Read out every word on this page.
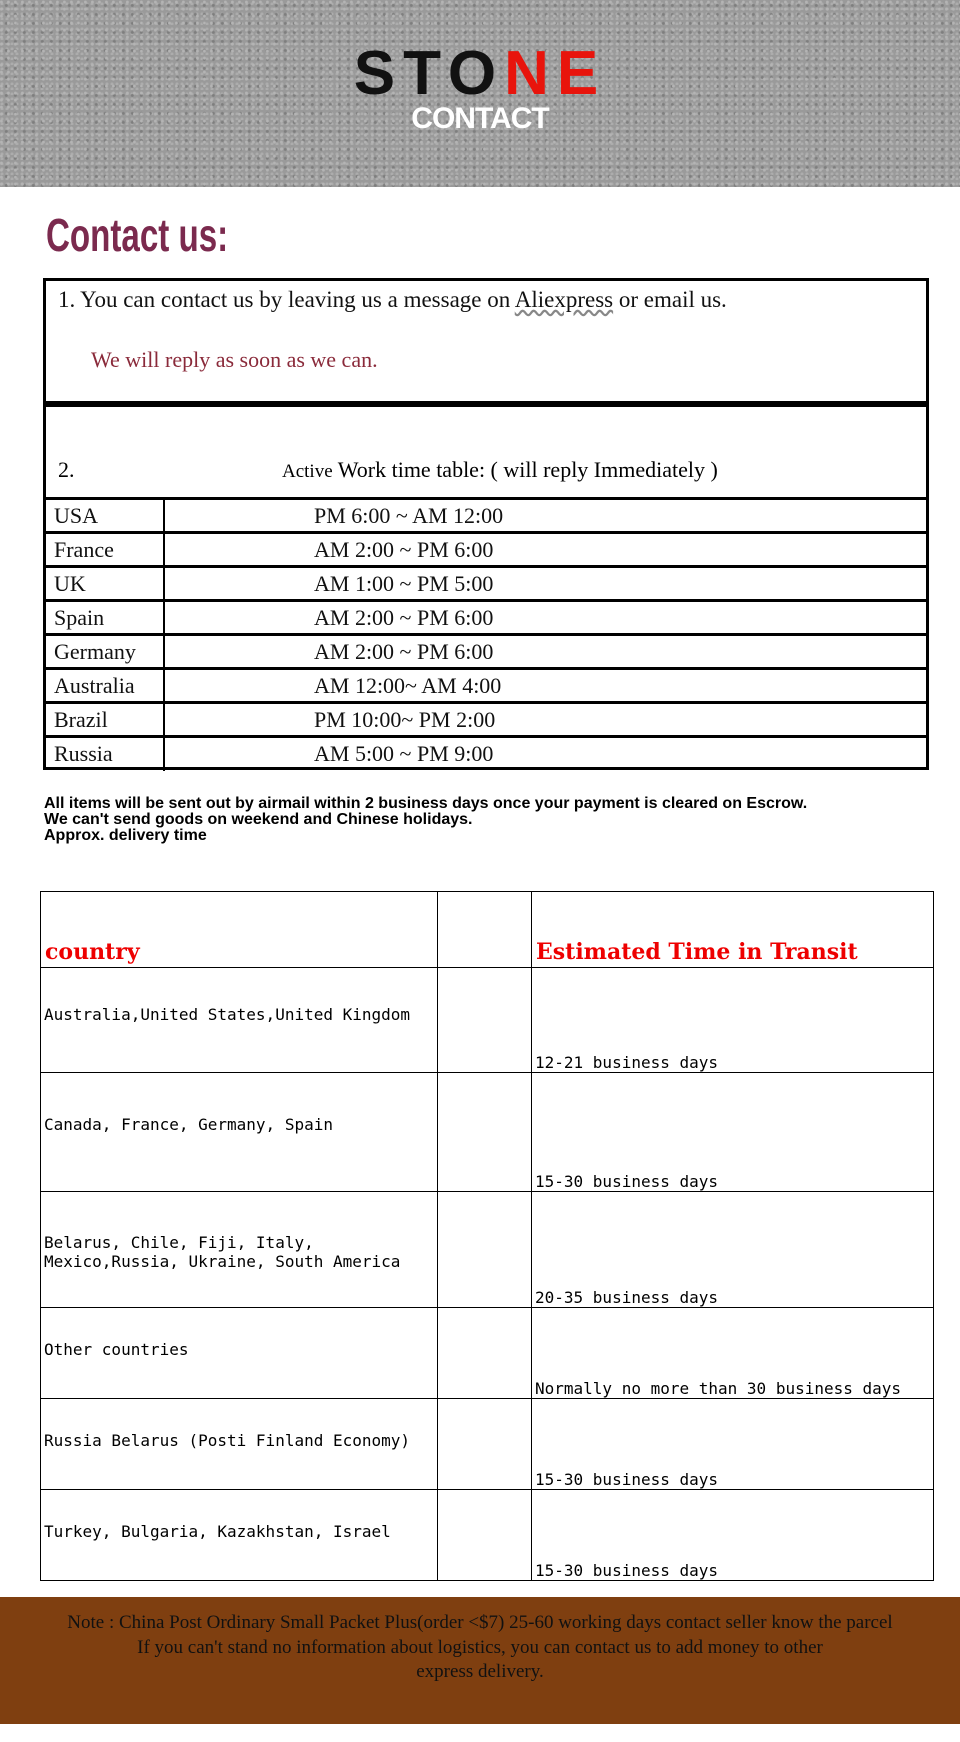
STONE
CONTACT
Contact us:
1. You can contact us by leaving us a message on Aliexpress or email us.
We will reply as soon as we can.
2.	Active Work time table: ( will reply Immediately )
USA	PM 6:00 ~ AM 12:00
France	AM 2:00 ~ PM 6:00
UK	AM 1:00 ~ PM 5:00
Spain	AM 2:00 ~ PM 6:00
Germany	AM 2:00 ~ PM 6:00
Australia	AM 12:00~ AM 4:00
Brazil	PM 10:00~ PM 2:00
Russia	AM 5:00 ~ PM 9:00
All items will be sent out by airmail within 2 business days once your payment is cleared on Escrow.
We can't send goods on weekend and Chinese holidays.
Approx. delivery time
country		Estimated Time in Transit
Australia,United States,United Kingdom		12-21 business days
Canada, France, Germany, Spain		15-30 business days
Belarus, Chile, Fiji, Italy, Mexico,Russia, Ukraine, South America		20-35 business days
Other countries		Normally no more than 30 business days
Russia Belarus (Posti Finland Economy)		15-30 business days
Turkey, Bulgaria, Kazakhstan, Israel		15-30 business days
Note : China Post Ordinary Small Packet Plus(order <$7) 25-60 working days contact seller know the parcel
If you can't stand no information about logistics, you can contact us to add money to other express delivery.
